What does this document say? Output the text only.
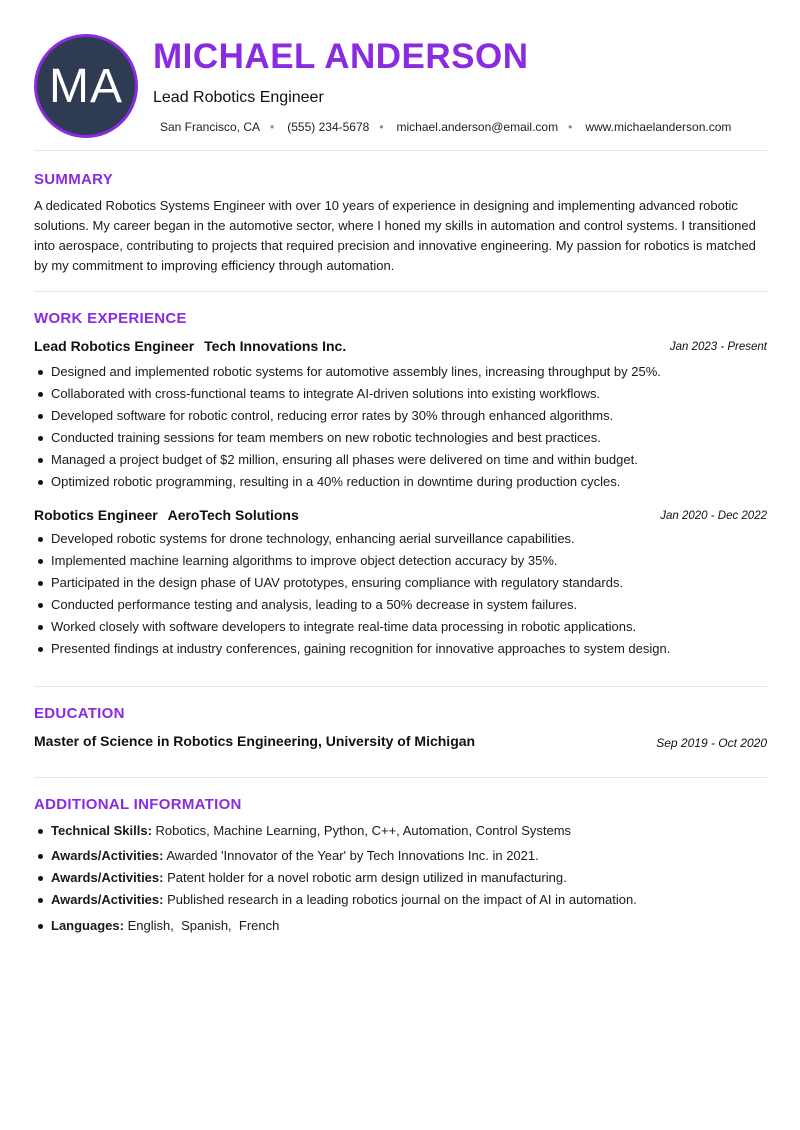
MA
MICHAEL ANDERSON
Lead Robotics Engineer
San Francisco, CA • (555) 234-5678 • michael.anderson@email.com • www.michaelanderson.com
SUMMARY

A dedicated Robotics Systems Engineer with over 10 years of experience in designing and implementing advanced robotic solutions. My career began in the automotive sector, where I honed my skills in automation and control systems. I transitioned into aerospace, contributing to projects that required precision and innovative engineering. My passion for robotics is matched by my commitment to improving efficiency through automation.

WORK EXPERIENCE
Lead Robotics Engineer Tech Innovations Inc.	Jan 2023 - Present
Designed and implemented robotic systems for automotive assembly lines, increasing throughput by 25%.
Collaborated with cross-functional teams to integrate AI-driven solutions into existing workflows.
Developed software for robotic control, reducing error rates by 30% through enhanced algorithms.
Conducted training sessions for team members on new robotic technologies and best practices.
Managed a project budget of $2 million, ensuring all phases were delivered on time and within budget.
Optimized robotic programming, resulting in a 40% reduction in downtime during production cycles.
Robotics Engineer AeroTech Solutions	Jan 2020 - Dec 2022
Developed robotic systems for drone technology, enhancing aerial surveillance capabilities.
Implemented machine learning algorithms to improve object detection accuracy by 35%.
Participated in the design phase of UAV prototypes, ensuring compliance with regulatory standards.
Conducted performance testing and analysis, leading to a 50% decrease in system failures.
Worked closely with software developers to integrate real-time data processing in robotic applications.
Presented findings at industry conferences, gaining recognition for innovative approaches to system design.
EDUCATION
Master of Science in Robotics Engineering, University of Michigan	Sep 2019 - Oct 2020
ADDITIONAL INFORMATION
Technical Skills: Robotics, Machine Learning, Python, C++, Automation, Control Systems
Awards/Activities: Awarded 'Innovator of the Year' by Tech Innovations Inc. in 2021.
Awards/Activities: Patent holder for a novel robotic arm design utilized in manufacturing.
Awards/Activities: Published research in a leading robotics journal on the impact of AI in automation.
Languages: English,  Spanish,  French
